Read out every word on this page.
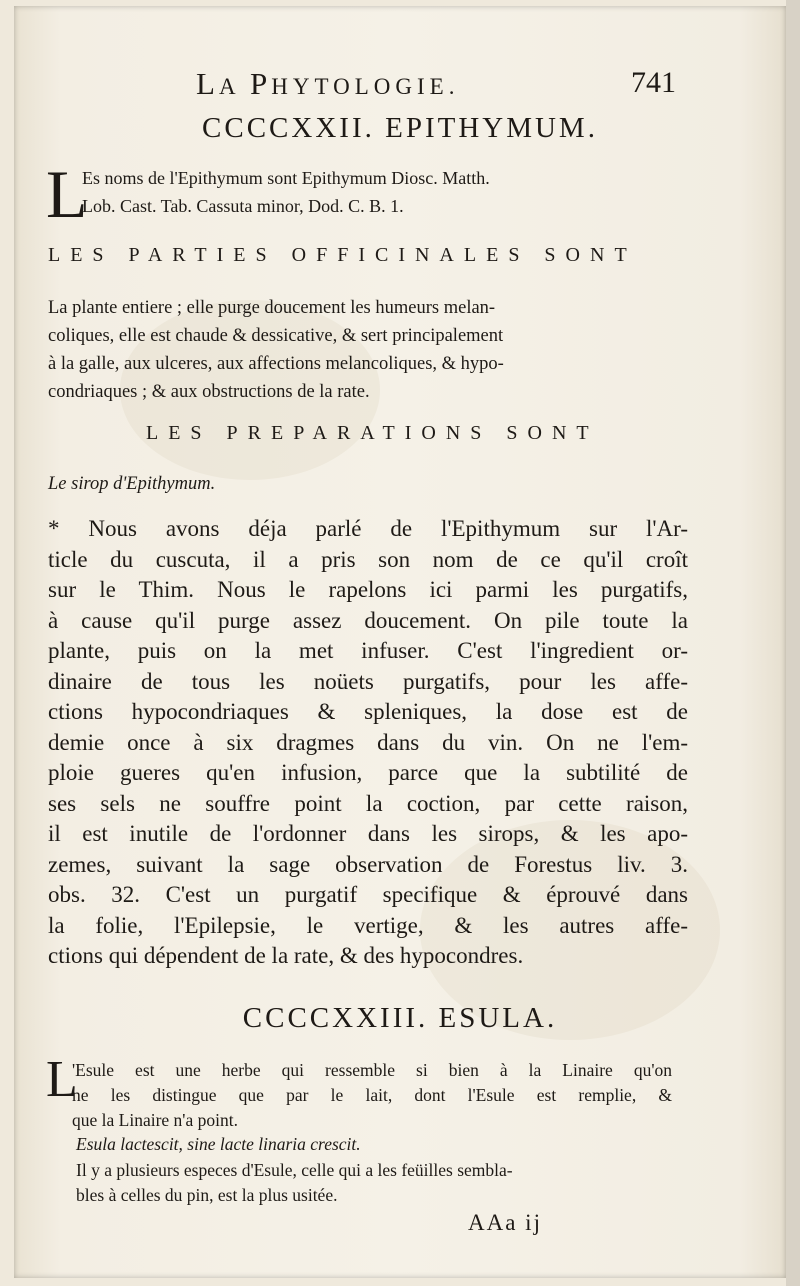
LA PHYTOLOGIE.	741
CCCCXXII. EPITHYMUM.
L
Es noms de l'Epithymum sont Epithymum Diosc. Matth.
Lob. Cast. Tab. Cassuta minor, Dod. C. B. 1.
LES PARTIES OFFICINALES SONT
La plante entiere ; elle purge doucement les humeurs melan-
coliques, elle est chaude & dessicative, & sert principalement
à la galle, aux ulceres, aux affections melancoliques, & hypo-
condriaques ; & aux obstructions de la rate.
LES PREPARATIONS SONT
Le sirop d'Epithymum.
* Nous avons déja parlé de l'Epithymum sur l'Ar-
ticle du cuscuta, il a pris son nom de ce qu'il croît
sur le Thim. Nous le rapelons ici parmi les purgatifs,
à cause qu'il purge assez doucement. On pile toute la
plante, puis on la met infuser. C'est l'ingredient or-
dinaire de tous les noüets purgatifs, pour les affe-
ctions hypocondriaques & spleniques, la dose est de
demie once à six dragmes dans du vin. On ne l'em-
ploie gueres qu'en infusion, parce que la subtilité de
ses sels ne souffre point la coction, par cette raison,
il est inutile de l'ordonner dans les sirops, & les apo-
zemes, suivant la sage observation de Forestus liv. 3.
obs. 32. C'est un purgatif specifique & éprouvé dans
la folie, l'Epilepsie, le vertige, & les autres affe-
ctions qui dépendent de la rate, & des hypocondres.
CCCCXXIII. ESULA.
L
'Esule est une herbe qui ressemble si bien à la Linaire qu'on
ne les distingue que par le lait, dont l'Esule est remplie, &
que la Linaire n'a point.
Esula lactescit, sine lacte linaria crescit.
Il y a plusieurs especes d'Esule, celle qui a les feüilles sembla-
bles à celles du pin, est la plus usitée.
AAa ij
